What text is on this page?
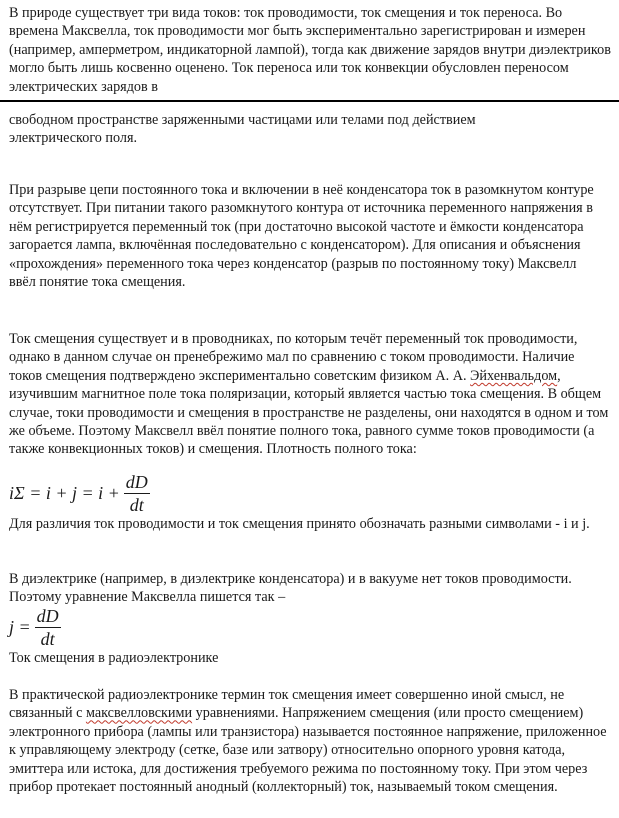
В природе существует три вида токов: ток проводимости, ток смещения и ток переноса. Во времена Максвелла, ток проводимости мог быть экспериментально зарегистрирован и измерен (например, амперметром, индикаторной лампой), тогда как движение зарядов внутри диэлектриков могло быть лишь косвенно оценено. Ток переноса или ток конвекции обусловлен переносом электрических зарядов в

свободном пространстве заряженными частицами или телами под действием электрического поля.

При разрыве цепи постоянного тока и включении в неё конденсатора ток в разомкнутом контуре отсутствует. При питании такого разомкнутого контура от источника переменного напряжения в нём регистрируется переменный ток (при достаточно высокой частоте и ёмкости конденсатора загорается лампа, включённая последовательно с конденсатором). Для описания и объяснения «прохождения» переменного тока через конденсатор (разрыв по постоянному току) Максвелл ввёл понятие тока смещения.

Ток смещения существует и в проводниках, по которым течёт переменный ток проводимости, однако в данном случае он пренебрежимо мал по сравнению с током проводимости. Наличие токов смещения подтверждено экспериментально советским физиком А. А. Эйхенвальдом, изучившим магнитное поле тока поляризации, который является частью тока смещения. В общем случае, токи проводимости и смещения в пространстве не разделены, они находятся в одном и том же объеме. Поэтому Максвелл ввёл понятие полного тока, равного сумме токов проводимости (а также конвекционных токов) и смещения. Плотность полного тока:

$i\Sigma = i + j = i + \frac{dD}{dt}$

Для различия ток проводимости и ток смещения принято обозначать разными символами - i и j.

В диэлектрике (например, в диэлектрике конденсатора) и в вакууме нет токов проводимости. Поэтому уравнение Максвелла пишется так –

$j = \frac{dD}{dt}$

Ток смещения в радиоэлектронике

В практической радиоэлектронике термин ток смещения имеет совершенно иной смысл, не связанный с максвелловскими уравнениями. Напряжением смещения (или просто смещением) электронного прибора (лампы или транзистора) называется постоянное напряжение, приложенное к управляющему электроду (сетке, базе или затвору) относительно опорного уровня катода, эмиттера или истока, для достижения требуемого режима по постоянному току. При этом через прибор протекает постоянный анодный (коллекторный) ток, называемый током смещения.
